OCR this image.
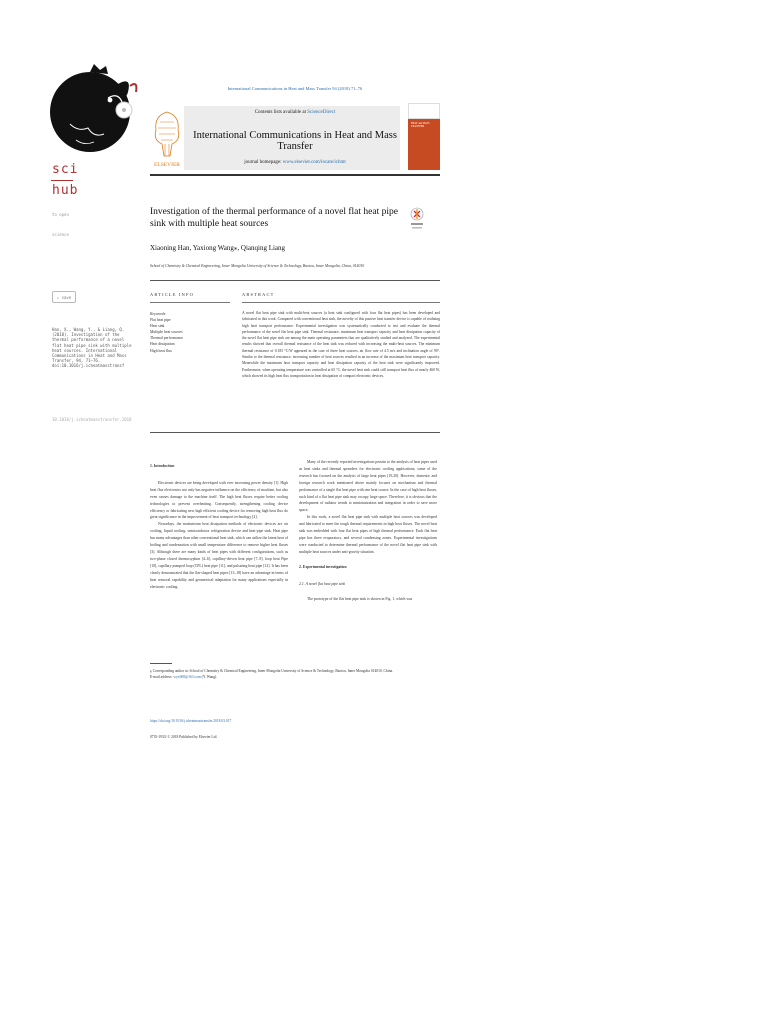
sci
hub
to open
science
↓ save
Han, X., Wang, Y., & Liang, Q. (2018). Investigation of the thermal performance of a novel flat heat pipe sink with multiple heat sources. International Communications in Heat and Mass Transfer, 94, 71–76. doi:10.1016/j.icheatmasstransf
10.1016/j.icheatmasstransfer.2018
International Communications in Heat and Mass Transfer 94 (2018) 71–76
ELSEVIER
Contents lists available at ScienceDirect
International Communications in Heat and Mass Transfer
journal homepage: www.elsevier.com/locate/ichmt
HEAT and MASS TRANSFER
Investigation of the thermal performance of a novel flat heat pipe sink with multiple heat sources
Xiaoning Han, Yaxiong Wang⁎, Qianqing Liang
School of Chemistry & Chemical Engineering, Inner Mongolia University of Science & Technology, Baotou, Inner Mongolia, China, 014010
ARTICLE INFO
Keywords:
Flat heat pipe
Heat sink
Multiple heat sources
Thermal performance
Heat dissipation
High heat flux
ABSTRACT
A novel flat heat pipe sink with multi-heat sources (a heat sink configured with four flat heat pipes) has been developed and fabricated in this work. Compared with conventional heat sink, the novelty of this passive heat transfer device is capable of realizing high heat transport performance. Experimental investigation was systematically conducted to test and evaluate the thermal performance of the novel flat heat pipe sink. Thermal resistance, maximum heat transport capacity and heat dissipation capacity of the novel flat heat pipe sink are among the main operating parameters that are qualitatively studied and analyzed. The experimental results showed that overall thermal resistance of the heat sink was reduced with increasing the multi-heat sources. The minimum thermal resistance of 0.183 °C/W appeared in the case of three heat sources, air flow rate of 4.5 m/s and inclination angle of 90°. Similar to the thermal resistance, increasing number of heat sources resulted in an increase of the maximum heat transport capacity. Meanwhile the maximum heat transport capacity and heat dissipation capacity of the heat sink were significantly improved. Furthermore, when operating temperature was controlled at 65 °C, the novel heat sink could still transport heat flux of nearly 460 W, which showed its high heat flux transportation in heat dissipation of compact electronic devices.

1. Introduction

Electronic devices are being developed with ever increasing power density [1]. High heat flux electronics not only has negative influence on the efficiency of machine, but also even causes damage to the machine itself. The high heat fluxes require better cooling technologies to prevent overheating. Consequently, strengthening cooling device efficiency or fabricating new high efficient cooling device for removing high heat flux do great significance in the improvement of heat transport technology [2].

Nowadays, the mainstream heat dissipation methods of electronic devices are air cooling, liquid cooling, semiconductor refrigeration device and heat-pipe sink. Heat pipe has many advantages than other conventional heat sink, which can utilize the latent heat of boiling and condensation with small temperature difference to remove higher heat fluxes [3]. Although there are many kinds of heat pipes with different configurations, such as two-phase closed thermosyphon [4–6], capillary-driven heat pipe [7–9], loop heat Pipe [10], capillary pumped loop (CPL) heat pipe [11], and pulsating heat pipe [12]. It has been clearly demonstrated that the flat-shaped heat pipes [13–18] have an advantage in terms of heat removal capability and geometrical adaptation for many applications especially in electronic cooling.

Many of the recently reported investigations pertain to the analysis of heat pipes used as heat sinks and thermal spreaders for electronic cooling applications; some of the research has focused on the analysis of large heat pipes [19,20]. However, domestic and foreign research work mentioned above mainly focuses on mechanism and thermal performance of a single flat heat pipe with one heat source. In the case of high heat fluxes, such kind of a flat heat pipe sink may occupy large space. Therefore, it is obvious that the development of radiator trends to miniaturization and integration in order to save more space.

In this work, a novel flat heat pipe sink with multiple heat sources was developed and fabricated to meet the tough thermal requirements in high heat fluxes. The novel heat sink was embedded with four flat heat pipes of high thermal performance. Each flat heat pipe has three evaporators, and several condensing zones. Experimental investigations were conducted to determine thermal performance of the novel flat heat pipe sink with multiple heat sources under anti-gravity situation.

2. Experimental investigation

2.1. A novel flat heat pipe sink

The prototype of the flat heat pipe sink is shown in Fig. 1, which was

⁎ Corresponding author at: School of Chemistry & Chemical Engineering, Inner Mongolia University of Science & Technology, Baotou, Inner Mongolia 014010, China.
E-mail address: wyx068@163.com (Y. Wang).
https://doi.org/10.1016/j.icheatmasstransfer.2018.03.017
0735-1933/ © 2018 Published by Elsevier Ltd.
